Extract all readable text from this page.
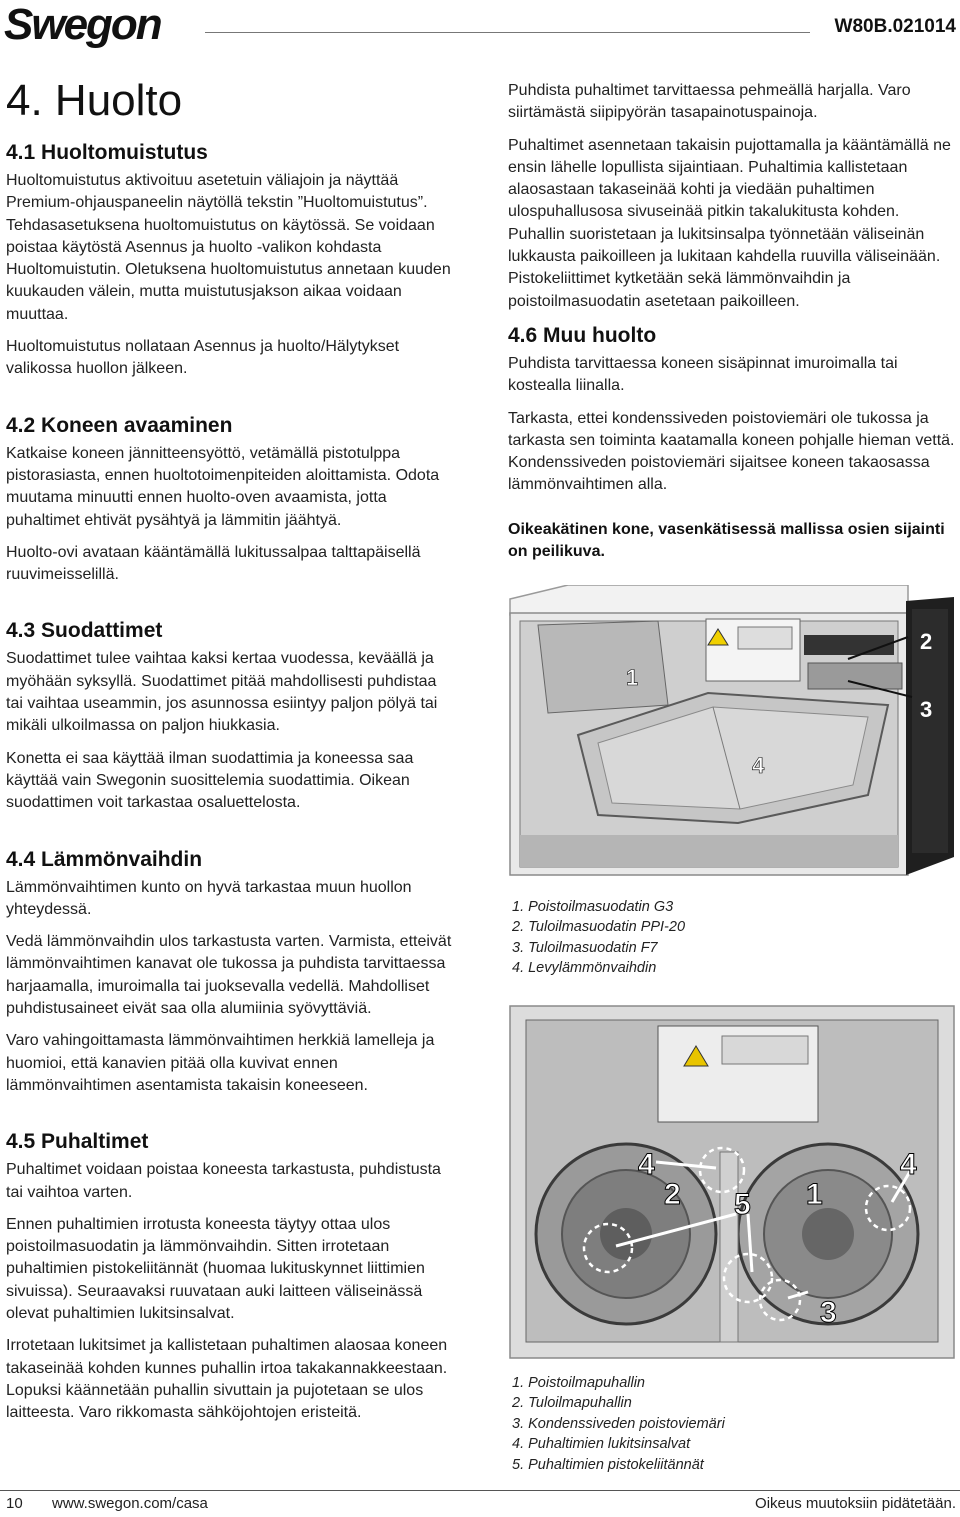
Swegon	W80B.021014
4. Huolto
4.1 Huoltomuistutus

Huoltomuistutus aktivoituu asetetuin väliajoin ja näyttää Premium-ohjauspaneelin näytöllä tekstin ”Huoltomuistutus”. Tehdasasetuksena huoltomuistutus on käytössä. Se voidaan poistaa käytöstä Asennus ja huolto -valikon kohdasta Huoltomuistutin. Oletuksena huoltomuistutus annetaan kuuden kuukauden välein, mutta muistutusjakson aikaa voidaan muuttaa.

Huoltomuistutus nollataan Asennus ja huolto/Hälytykset valikossa huollon jälkeen.

4.2 Koneen avaaminen

Katkaise koneen jännitteensyöttö, vetämällä pistotulppa pistorasiasta, ennen huoltotoimenpiteiden aloittamista. Odota muutama minuutti ennen huolto-oven avaamista, jotta puhaltimet ehtivät pysähtyä ja lämmitin jäähtyä.

Huolto-ovi avataan kääntämällä lukitussalpaa talttapäisellä ruuvimeisselillä.

4.3 Suodattimet

Suodattimet tulee vaihtaa kaksi kertaa vuodessa, keväällä ja myöhään syksyllä. Suodattimet pitää mahdollisesti puhdistaa tai vaihtaa useammin, jos asunnossa esiintyy paljon pölyä tai mikäli ulkoilmassa on paljon hiukkasia.

Konetta ei saa käyttää ilman suodattimia ja koneessa saa käyttää vain Swegonin suosittelemia suodattimia. Oikean suodattimen voit tarkastaa osaluettelosta.

4.4 Lämmönvaihdin

Lämmönvaihtimen kunto on hyvä tarkastaa muun huollon yhteydessä.

Vedä lämmönvaihdin ulos tarkastusta varten. Varmista, etteivät lämmönvaihtimen kanavat ole tukossa ja puhdista tarvittaessa harjaamalla, imuroimalla tai juoksevalla vedellä. Mahdolliset puhdistusaineet eivät saa olla alumiinia syövyttäviä.

Varo vahingoittamasta lämmönvaihtimen herkkiä lamelleja ja huomioi, että kanavien pitää olla kuvivat ennen lämmönvaihtimen asentamista takaisin koneeseen.

4.5 Puhaltimet

Puhaltimet voidaan poistaa koneesta tarkastusta, puhdistusta tai vaihtoa varten.

Ennen puhaltimien irrotusta koneesta täytyy ottaa ulos poistoilmasuodatin ja lämmönvaihdin. Sitten irrotetaan puhaltimien pistokeliitännät (huomaa lukituskynnet liittimien sivuissa). Seuraavaksi ruuvataan auki laitteen väliseinässä olevat puhaltimien lukitsinsalvat.

Irrotetaan lukitsimet ja kallistetaan puhaltimen alaosaa koneen takaseinää kohden kunnes puhallin irtoa takakannakkeestaan. Lopuksi käännetään puhallin sivuttain ja pujotetaan se ulos laitteesta. Varo rikkomasta sähköjohtojen eristeitä.

Puhdista puhaltimet tarvittaessa pehmeällä harjalla. Varo siirtämästä siipipyörän tasapainotuspainoja.

Puhaltimet asennetaan takaisin pujottamalla ja kääntämällä ne ensin lähelle lopullista sijaintiaan. Puhaltimia kallistetaan alaosastaan takaseinää kohti ja viedään puhaltimen ulospuhallusosa sivuseinää pitkin takalukitusta kohden. Puhallin suoristetaan ja lukitsinsalpa työnnetään väliseinän lukkausta paikoilleen ja lukitaan kahdella ruuvilla väliseinään. Pistokeliittimet kytketään sekä lämmönvaihdin ja poistoilmasuodatin asetetaan paikoilleen.

4.6 Muu huolto

Puhdista tarvittaessa koneen sisäpinnat imuroimalla tai kostealla liinalla.

Tarkasta, ettei kondenssiveden poistoviemäri ole tukossa ja tarkasta sen toiminta kaatamalla koneen pohjalle hieman vettä. Kondenssiveden poistoviemäri sijaitsee koneen takaosassa lämmönvaihtimen alla.

Oikeakätinen kone, vasenkätisessä mallissa osien sijainti on peilikuva.

1
2
3
4
1. Poistoilmasuodatin G3
2. Tuloilmasuodatin PPI-20
3. Tuloilmasuodatin F7
4. Levylämmönvaihdin
4	4
2 5 1
3
1. Poistoilmapuhallin
2. Tuloilmapuhallin
3. Kondenssiveden poistoviemäri
4. Puhaltimien lukitsinsalvat
5. Puhaltimien pistokeliitännät
10 www.swegon.com/casa	Oikeus muutoksiin pidätetään.
